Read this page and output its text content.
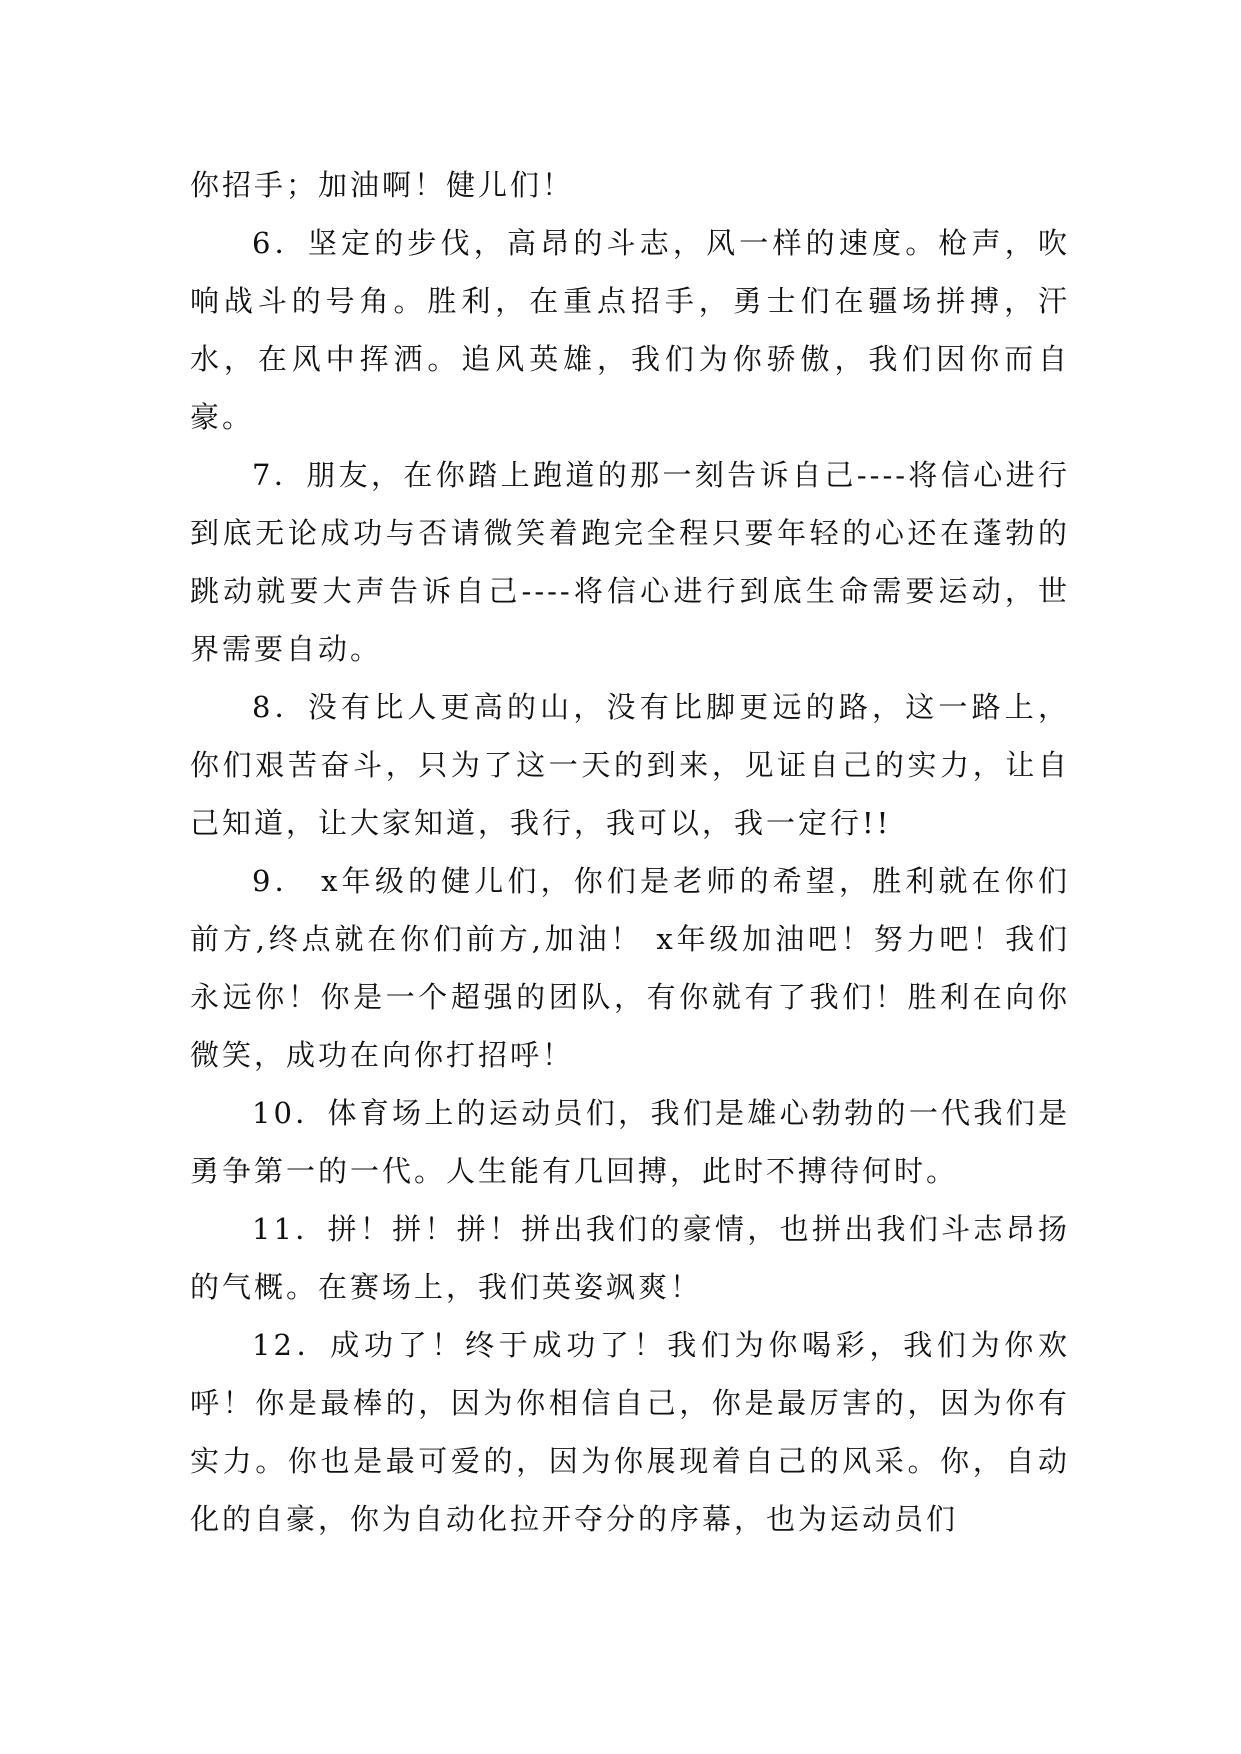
你招手；加油啊！健儿们！

6．坚定的步伐，高昂的斗志，风一样的速度。枪声，吹响战斗的号角。胜利，在重点招手，勇士们在疆场拼搏，汗水，在风中挥洒。追风英雄，我们为你骄傲，我们因你而自豪。

7．朋友，在你踏上跑道的那一刻告诉自己----将信心进行到底无论成功与否请微笑着跑完全程只要年轻的心还在蓬勃的跳动就要大声告诉自己----将信心进行到底生命需要运动，世界需要自动。

8．没有比人更高的山，没有比脚更远的路，这一路上，你们艰苦奋斗，只为了这一天的到来，见证自己的实力，让自己知道，让大家知道，我行，我可以，我一定行!!

9． x年级的健儿们，你们是老师的希望，胜利就在你们前方,终点就在你们前方,加油！ x年级加油吧！努力吧！我们永远你！你是一个超强的团队，有你就有了我们！胜利在向你微笑，成功在向你打招呼！

10．体育场上的运动员们，我们是雄心勃勃的一代我们是勇争第一的一代。人生能有几回搏，此时不搏待何时。

11．拼！拼！拼！拼出我们的豪情，也拼出我们斗志昂扬的气概。在赛场上，我们英姿飒爽！

12．成功了！终于成功了！我们为你喝彩，我们为你欢呼！你是最棒的，因为你相信自己，你是最厉害的，因为你有实力。你也是最可爱的，因为你展现着自己的风采。你，自动化的自豪，你为自动化拉开夺分的序幕，也为运动员们
